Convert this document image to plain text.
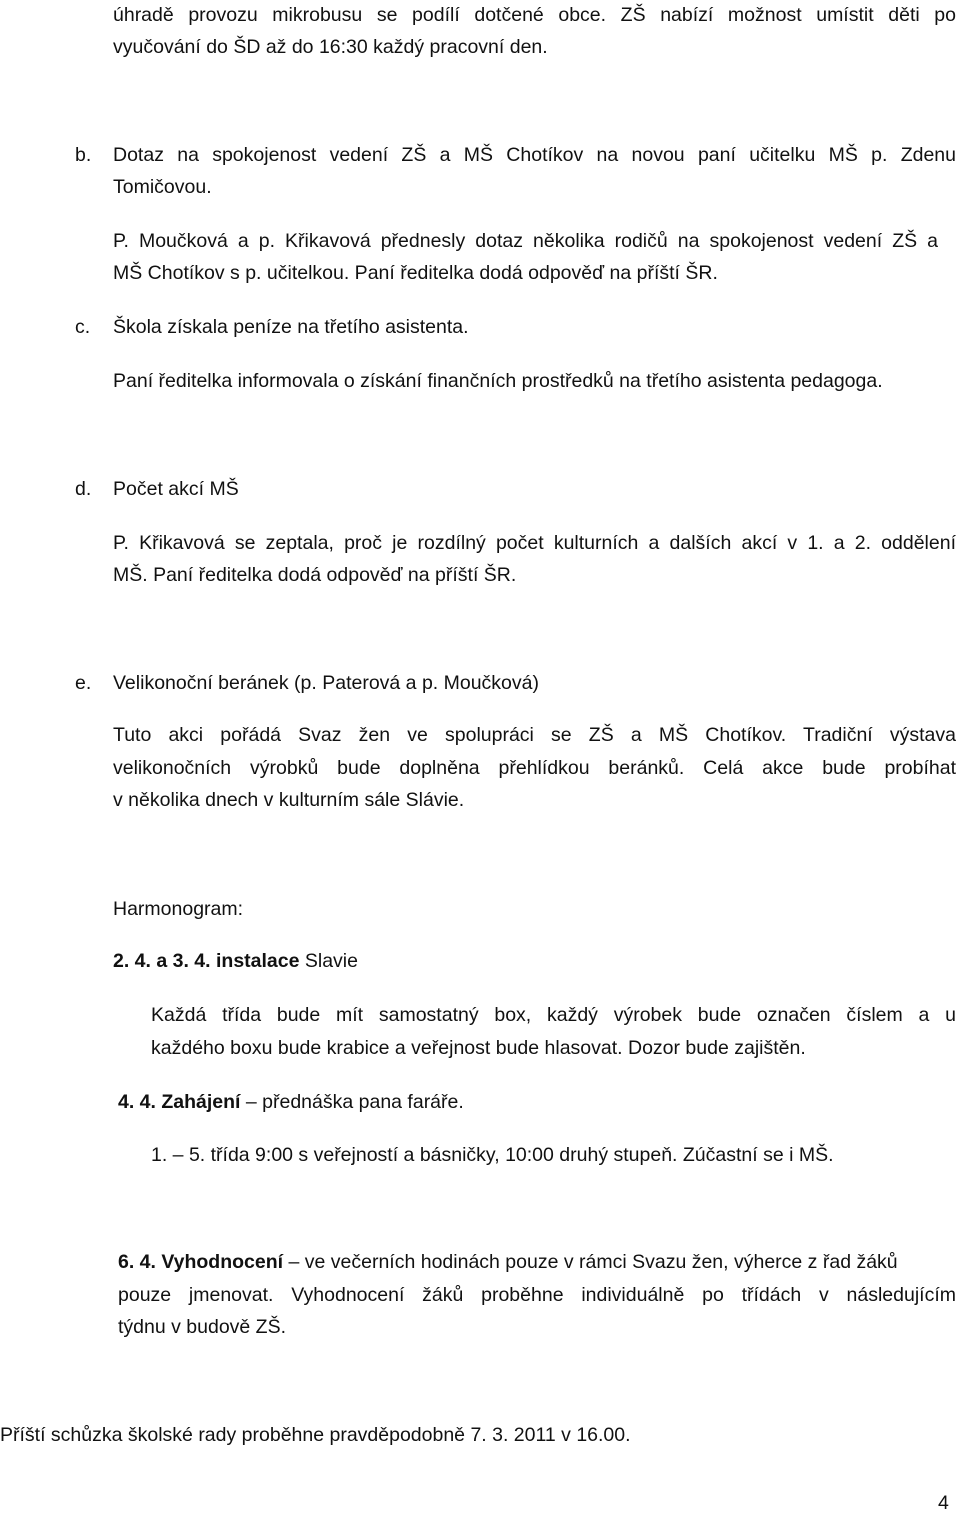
úhradě provozu mikrobusu se podílí dotčené obce. ZŠ nabízí možnost umístit děti po
vyučování do ŠD až do 16:30 každý pracovní den.
b. Dotaz na spokojenost vedení ZŠ a MŠ Chotíkov na novou paní učitelku MŠ p. Zdenu
Tomičovou.
P. Moučková a p. Křikavová přednesly dotaz několika rodičů na spokojenost vedení ZŠ a
MŠ Chotíkov s p. učitelkou. Paní ředitelka dodá odpověď na příští ŠR.
c. Škola získala peníze na třetího asistenta.
Paní ředitelka informovala o získání finančních prostředků na třetího asistenta pedagoga.
d. Počet akcí MŠ
P. Křikavová se zeptala, proč je rozdílný počet kulturních a dalších akcí v 1. a 2. oddělení
MŠ. Paní ředitelka dodá odpověď na příští ŠR.
e. Velikonoční beránek (p. Paterová a p. Moučková)
Tuto akci pořádá Svaz žen ve spolupráci se ZŠ a MŠ Chotíkov. Tradiční výstava
velikonočních výrobků bude doplněna přehlídkou beránků. Celá akce bude probíhat
v několika dnech v kulturním sále Slávie.
Harmonogram:
2. 4. a 3. 4. instalace Slavie
Každá třída bude mít samostatný box, každý výrobek bude označen číslem a u
každého boxu bude krabice a veřejnost bude hlasovat. Dozor bude zajištěn.
4. 4. Zahájení – přednáška pana faráře.
1. – 5. třída 9:00 s veřejností a básničky, 10:00 druhý stupeň. Zúčastní se i MŠ.
6. 4. Vyhodnocení – ve večerních hodinách pouze v rámci Svazu žen, výherce z řad žáků
pouze jmenovat. Vyhodnocení žáků proběhne individuálně po třídách v následujícím
týdnu v budově ZŠ.
Příští schůzka školské rady proběhne pravděpodobně 7. 3. 2011 v 16.00.
4
